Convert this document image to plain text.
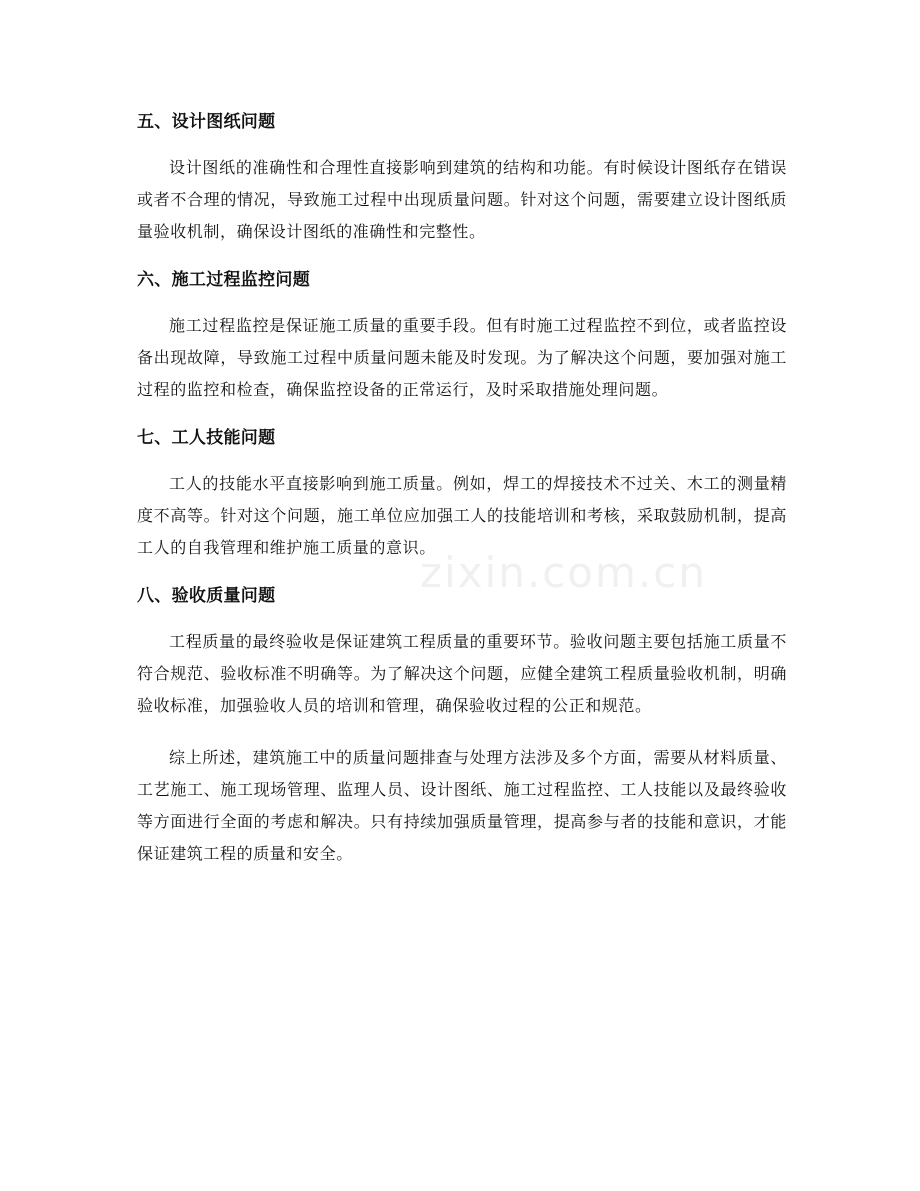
五、设计图纸问题

设计图纸的准确性和合理性直接影响到建筑的结构和功能。有时候设计图纸存在错误或者不合理的情况，导致施工过程中出现质量问题。针对这个问题，需要建立设计图纸质量验收机制，确保设计图纸的准确性和完整性。

六、施工过程监控问题

施工过程监控是保证施工质量的重要手段。但有时施工过程监控不到位，或者监控设备出现故障，导致施工过程中质量问题未能及时发现。为了解决这个问题，要加强对施工过程的监控和检查，确保监控设备的正常运行，及时采取措施处理问题。

七、工人技能问题

工人的技能水平直接影响到施工质量。例如，焊工的焊接技术不过关、木工的测量精度不高等。针对这个问题，施工单位应加强工人的技能培训和考核，采取鼓励机制，提高工人的自我管理和维护施工质量的意识。

八、验收质量问题

工程质量的最终验收是保证建筑工程质量的重要环节。验收问题主要包括施工质量不符合规范、验收标准不明确等。为了解决这个问题，应健全建筑工程质量验收机制，明确验收标准，加强验收人员的培训和管理，确保验收过程的公正和规范。

综上所述，建筑施工中的质量问题排查与处理方法涉及多个方面，需要从材料质量、工艺施工、施工现场管理、监理人员、设计图纸、施工过程监控、工人技能以及最终验收等方面进行全面的考虑和解决。只有持续加强质量管理，提高参与者的技能和意识，才能保证建筑工程的质量和安全。

zixin.com.cn
